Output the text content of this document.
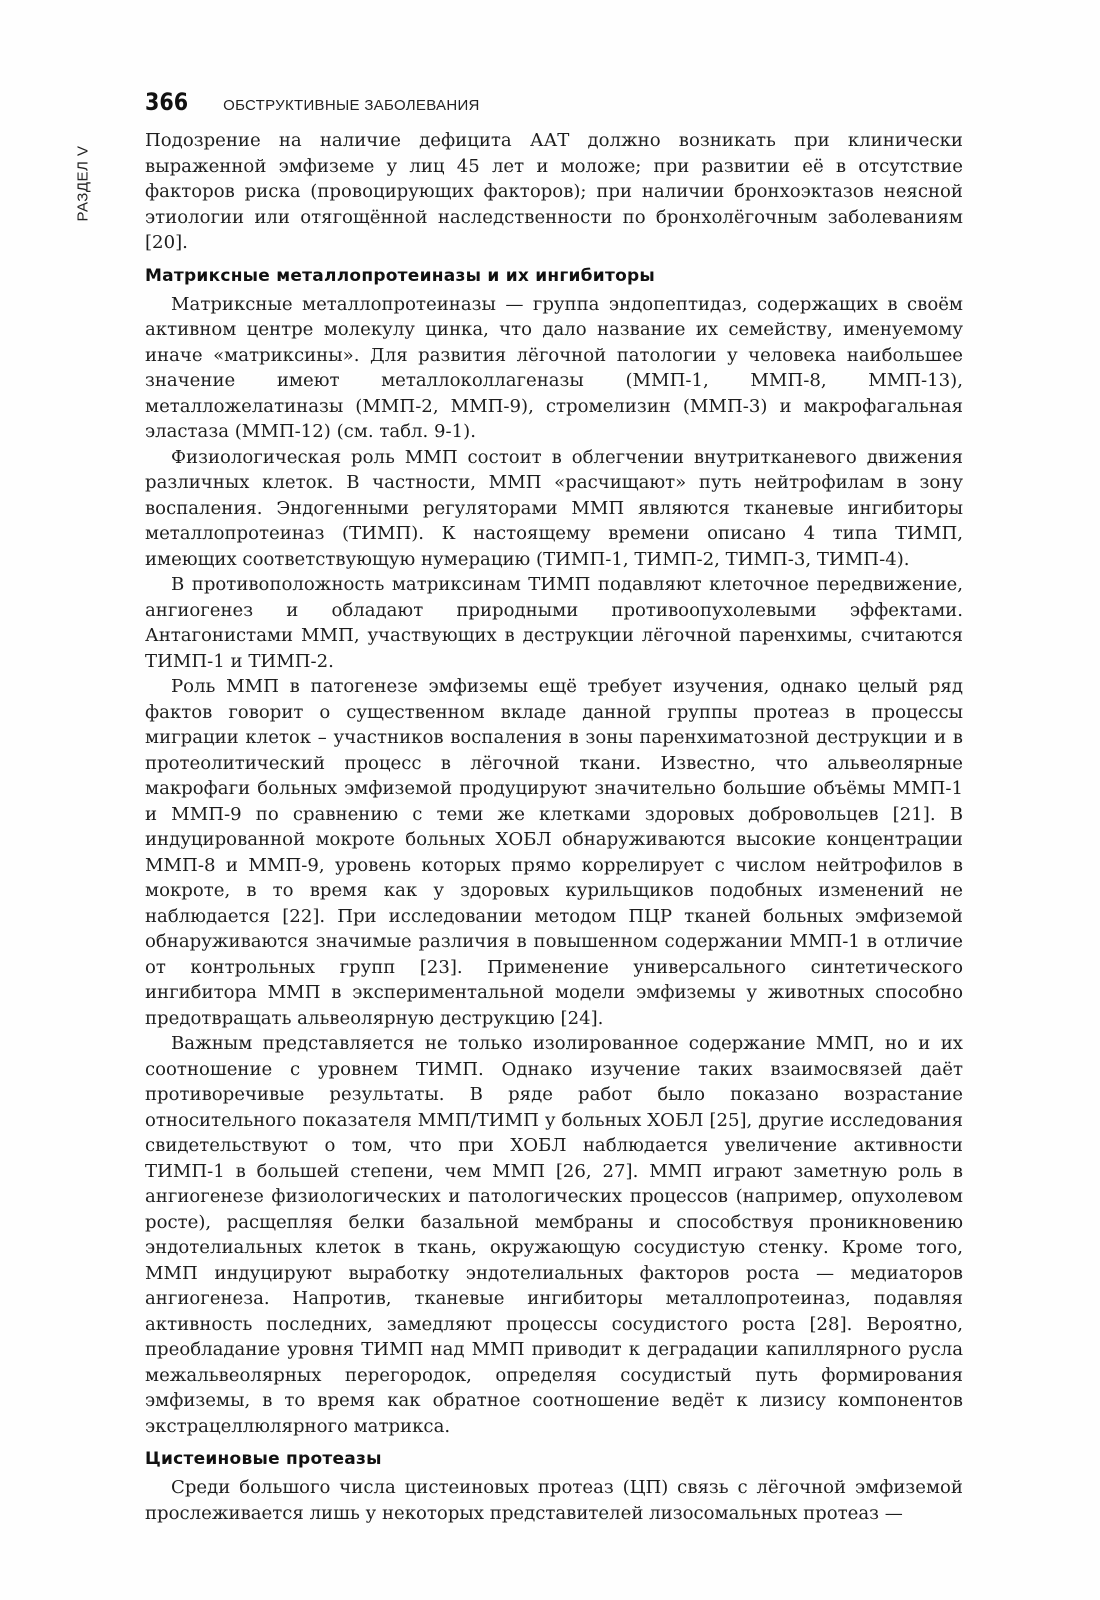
РАЗДЕЛ V
366 ОБСТРУКТИВНЫЕ ЗАБОЛЕВАНИЯ

Подозрение на наличие дефицита ААТ должно возникать при клинически выраженной эмфиземе у лиц 45 лет и моложе; при развитии её в отсутствие факторов риска (провоцирующих факторов); при наличии бронхоэктазов неясной этиологии или отягощённой наследственности по бронхолёгочным заболеваниям [20].

Матриксные металлопротеиназы и их ингибиторы

Матриксные металлопротеиназы — группа эндопептидаз, содержащих в своём активном центре молекулу цинка, что дало название их семейству, именуемому иначе «матриксины». Для развития лёгочной патологии у человека наибольшее значение имеют металлоколлагеназы (ММП-1, ММП-8, ММП-13), металложелатиназы (ММП-2, ММП-9), стромелизин (ММП-3) и макрофагальная эластаза (ММП-12) (см. табл. 9-1).

Физиологическая роль ММП состоит в облегчении внутритканевого движения различных клеток. В частности, ММП «расчищают» путь нейтрофилам в зону воспаления. Эндогенными регуляторами ММП являются тканевые ингибиторы металлопротеиназ (ТИМП). К настоящему времени описано 4 типа ТИМП, имеющих соответствующую нумерацию (ТИМП-1, ТИМП-2, ТИМП-3, ТИМП-4).

В противоположность матриксинам ТИМП подавляют клеточное передвижение, ангиогенез и обладают природными противоопухолевыми эффектами. Антагонистами ММП, участвующих в деструкции лёгочной паренхимы, считаются ТИМП-1 и ТИМП-2.

Роль ММП в патогенезе эмфиземы ещё требует изучения, однако целый ряд фактов говорит о существенном вкладе данной группы протеаз в процессы миграции клеток – участников воспаления в зоны паренхиматозной деструкции и в протеолитический процесс в лёгочной ткани. Известно, что альвеолярные макрофаги больных эмфиземой продуцируют значительно большие объёмы ММП-1 и ММП-9 по сравнению с теми же клетками здоровых добровольцев [21]. В индуцированной мокроте больных ХОБЛ обнаруживаются высокие концентрации ММП-8 и ММП-9, уровень которых прямо коррелирует с числом нейтрофилов в мокроте, в то время как у здоровых курильщиков подобных изменений не наблюдается [22]. При исследовании методом ПЦР тканей больных эмфиземой обнаруживаются значимые различия в повышенном содержании ММП-1 в отличие от контрольных групп [23]. Применение универсального синтетического ингибитора ММП в экспериментальной модели эмфиземы у животных способно предотвращать альвеолярную деструкцию [24].

Важным представляется не только изолированное содержание ММП, но и их соотношение с уровнем ТИМП. Однако изучение таких взаимосвязей даёт противоречивые результаты. В ряде работ было показано возрастание относительного показателя ММП/ТИМП у больных ХОБЛ [25], другие исследования свидетельствуют о том, что при ХОБЛ наблюдается увеличение активности ТИМП-1 в большей степени, чем ММП [26, 27]. ММП играют заметную роль в ангиогенезе физиологических и патологических процессов (например, опухолевом росте), расщепляя белки базальной мембраны и способствуя проникновению эндотелиальных клеток в ткань, окружающую сосудистую стенку. Кроме того, ММП индуцируют выработку эндотелиальных факторов роста — медиаторов ангиогенеза. Напротив, тканевые ингибиторы металлопротеиназ, подавляя активность последних, замедляют процессы сосудистого роста [28]. Вероятно, преобладание уровня ТИМП над ММП приводит к деградации капиллярного русла межальвеолярных перегородок, определяя сосудистый путь формирования эмфиземы, в то время как обратное соотношение ведёт к лизису компонентов экстрацеллюлярного матрикса.

Цистеиновые протеазы

Среди большого числа цистеиновых протеаз (ЦП) связь с лёгочной эмфиземой прослеживается лишь у некоторых представителей лизосомальных протеаз —
